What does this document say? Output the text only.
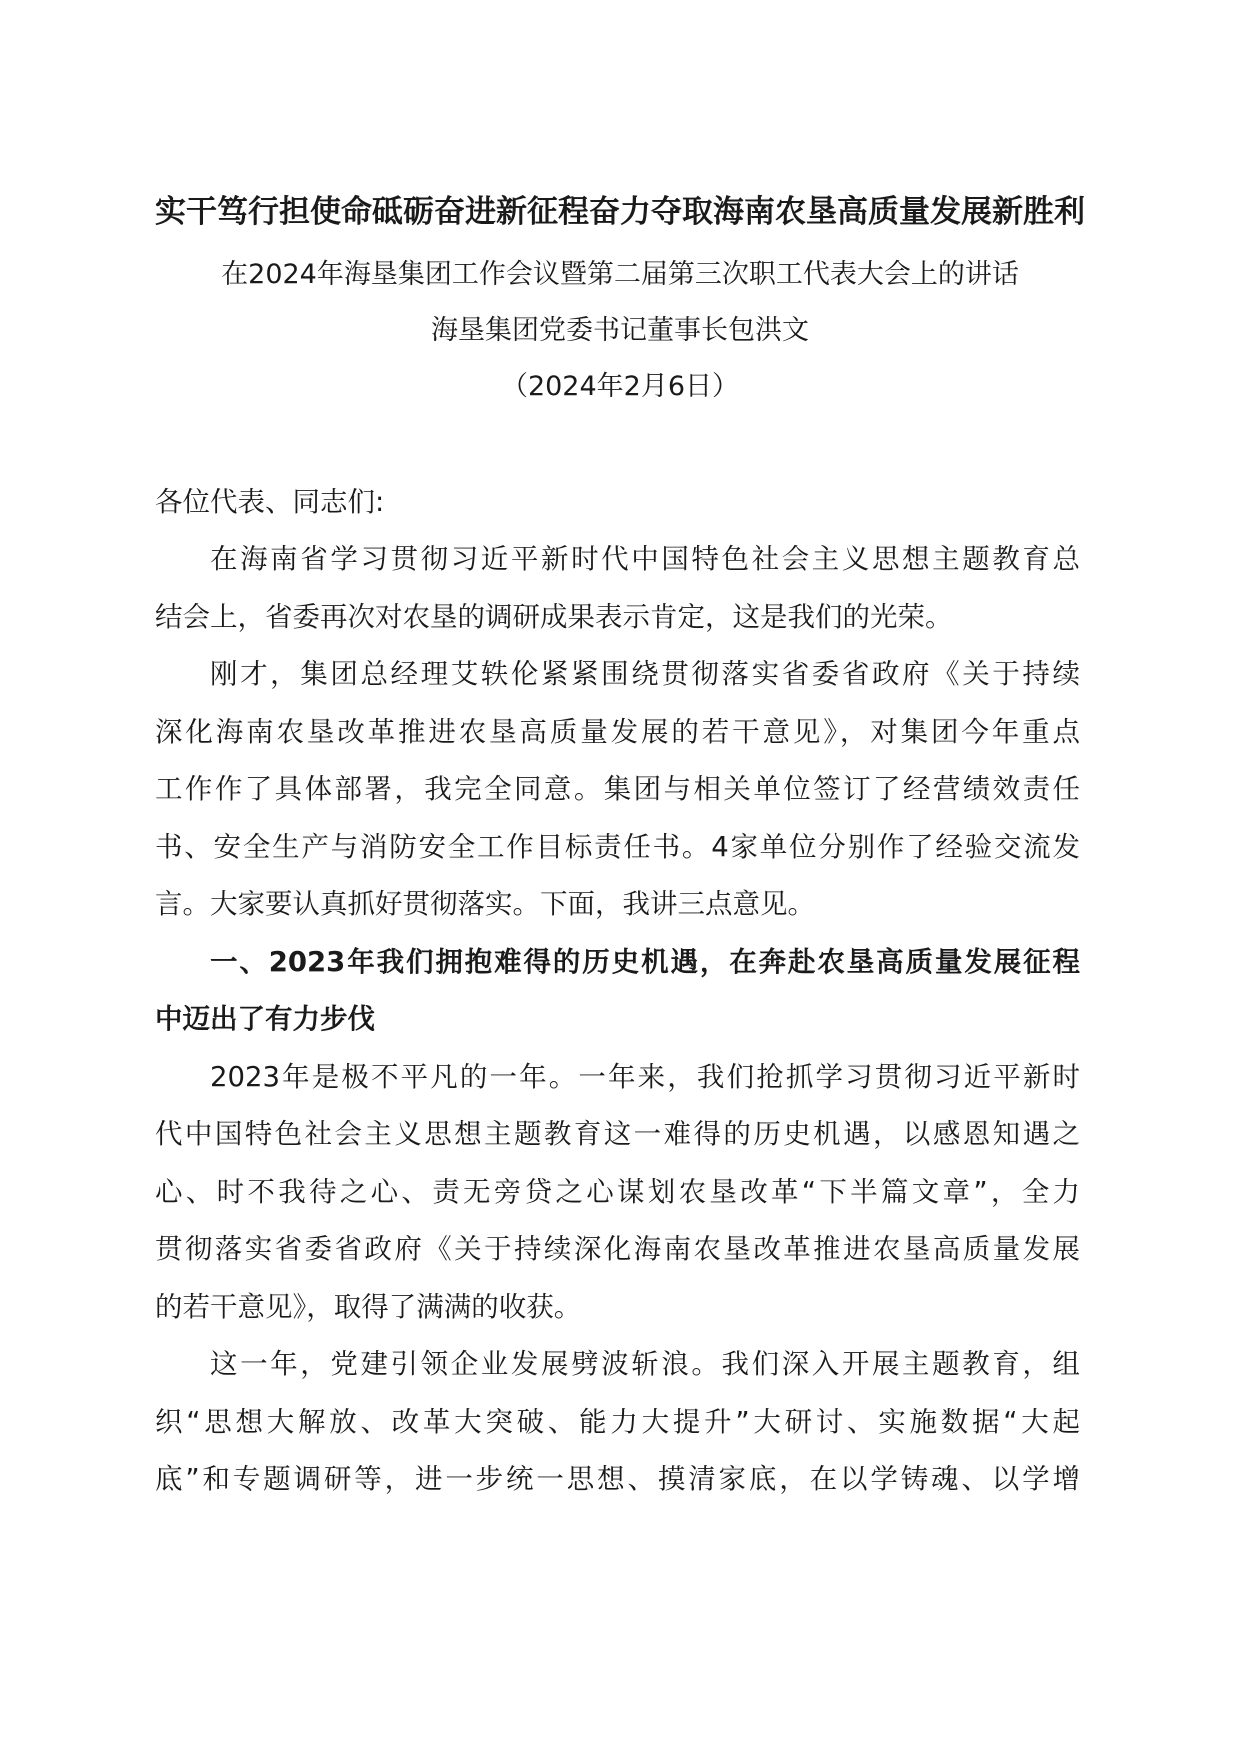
实干笃行担使命砥砺奋进新征程奋力夺取海南农垦高质量发展新胜利
在2024年海垦集团工作会议暨第二届第三次职工代表大会上的讲话
海垦集团党委书记董事长包洪文
（2024年2月6日）
各位代表、同志们:
在海南省学习贯彻习近平新时代中国特色社会主义思想主题教育总
结会上，省委再次对农垦的调研成果表示肯定，这是我们的光荣。
刚才，集团总经理艾轶伦紧紧围绕贯彻落实省委省政府《关于持续
深化海南农垦改革推进农垦高质量发展的若干意见》，对集团今年重点
工作作了具体部署，我完全同意。集团与相关单位签订了经营绩效责任
书、安全生产与消防安全工作目标责任书。4家单位分别作了经验交流发
言。大家要认真抓好贯彻落实。下面，我讲三点意见。
一、2023年我们拥抱难得的历史机遇，在奔赴农垦高质量发展征程
中迈出了有力步伐
2023年是极不平凡的一年。一年来，我们抢抓学习贯彻习近平新时
代中国特色社会主义思想主题教育这一难得的历史机遇，以感恩知遇之
心、时不我待之心、责无旁贷之心谋划农垦改革“下半篇文章”，全力
贯彻落实省委省政府《关于持续深化海南农垦改革推进农垦高质量发展
的若干意见》，取得了满满的收获。
这一年，党建引领企业发展劈波斩浪。我们深入开展主题教育，组
织“思想大解放、改革大突破、能力大提升”大研讨、实施数据“大起
底”和专题调研等，进一步统一思想、摸清家底，在以学铸魂、以学增
